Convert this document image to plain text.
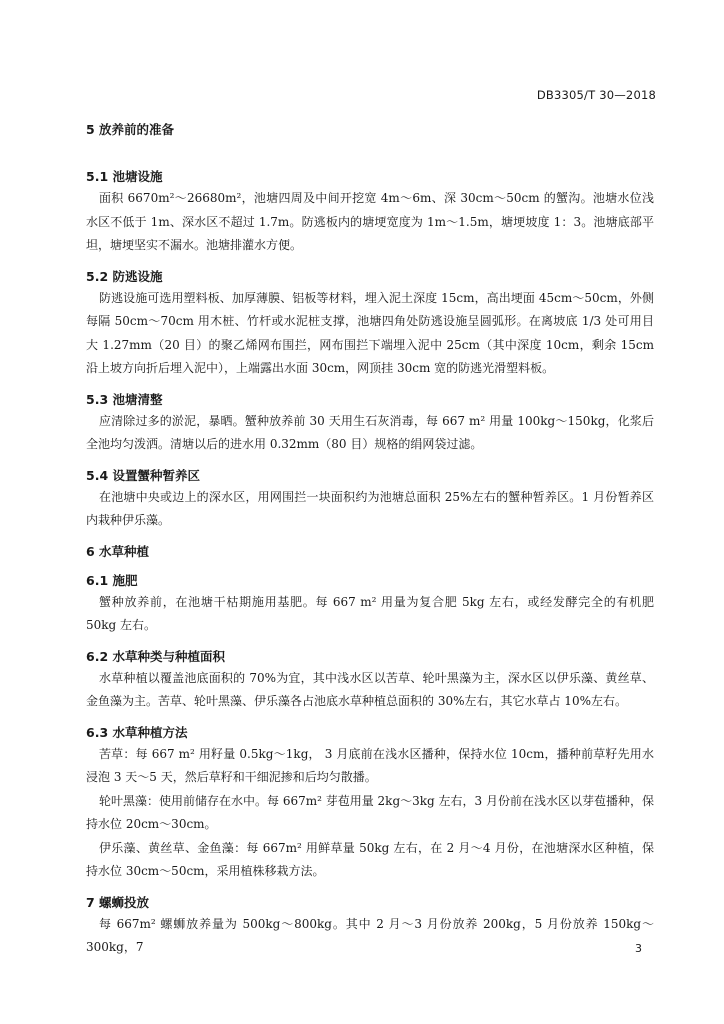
DB3305/T 30—2018
5 放养前的准备
5.1 池塘设施

面积 6670m²～26680m²，池塘四周及中间开挖宽 4m～6m、深 30cm～50cm 的蟹沟。池塘水位浅水区不低于 1m、深水区不超过 1.7m。防逃板内的塘埂宽度为 1m～1.5m，塘埂坡度 1：3。池塘底部平坦，塘埂坚实不漏水。池塘排灌水方便。

5.2 防逃设施

防逃设施可选用塑料板、加厚薄膜、铝板等材料，埋入泥土深度 15cm，高出埂面 45cm～50cm，外侧每隔 50cm～70cm 用木桩、竹杆或水泥桩支撑，池塘四角处防逃设施呈圆弧形。在离坡底 1/3 处可用目大 1.27mm（20 目）的聚乙烯网布围拦，网布围拦下端埋入泥中 25cm（其中深度 10cm，剩余 15cm 沿上坡方向折后埋入泥中），上端露出水面 30cm，网顶挂 30cm 宽的防逃光滑塑料板。

5.3 池塘清整

应清除过多的淤泥，暴晒。蟹种放养前 30 天用生石灰消毒，每 667 m² 用量 100kg～150kg，化浆后全池均匀泼洒。清塘以后的进水用 0.32mm（80 目）规格的绢网袋过滤。

5.4 设置蟹种暂养区

在池塘中央或边上的深水区，用网围拦一块面积约为池塘总面积 25%左右的蟹种暂养区。1 月份暂养区内栽种伊乐藻。

6 水草种植
6.1 施肥

蟹种放养前，在池塘干枯期施用基肥。每 667 m² 用量为复合肥 5kg 左右，或经发酵完全的有机肥 50kg 左右。

6.2 水草种类与种植面积

水草种植以覆盖池底面积的 70%为宜，其中浅水区以苦草、轮叶黑藻为主，深水区以伊乐藻、黄丝草、金鱼藻为主。苦草、轮叶黑藻、伊乐藻各占池底水草种植总面积的 30%左右，其它水草占 10%左右。

6.3 水草种植方法

苦草：每 667 m² 用籽量 0.5kg～1kg， 3 月底前在浅水区播种，保持水位 10cm，播种前草籽先用水浸泡 3 天～5 天，然后草籽和干细泥掺和后均匀散播。

轮叶黑藻：使用前储存在水中。每 667m² 芽苞用量 2kg～3kg 左右，3 月份前在浅水区以芽苞播种，保持水位 20cm～30cm。

伊乐藻、黄丝草、金鱼藻：每 667m² 用鲜草量 50kg 左右，在 2 月～4 月份，在池塘深水区种植，保持水位 30cm～50cm，采用植株移栽方法。

7 螺蛳投放

每 667m² 螺蛳放养量为 500kg～800kg。其中 2 月～3 月份放养 200kg，5 月份放养 150kg～300kg，7	3
